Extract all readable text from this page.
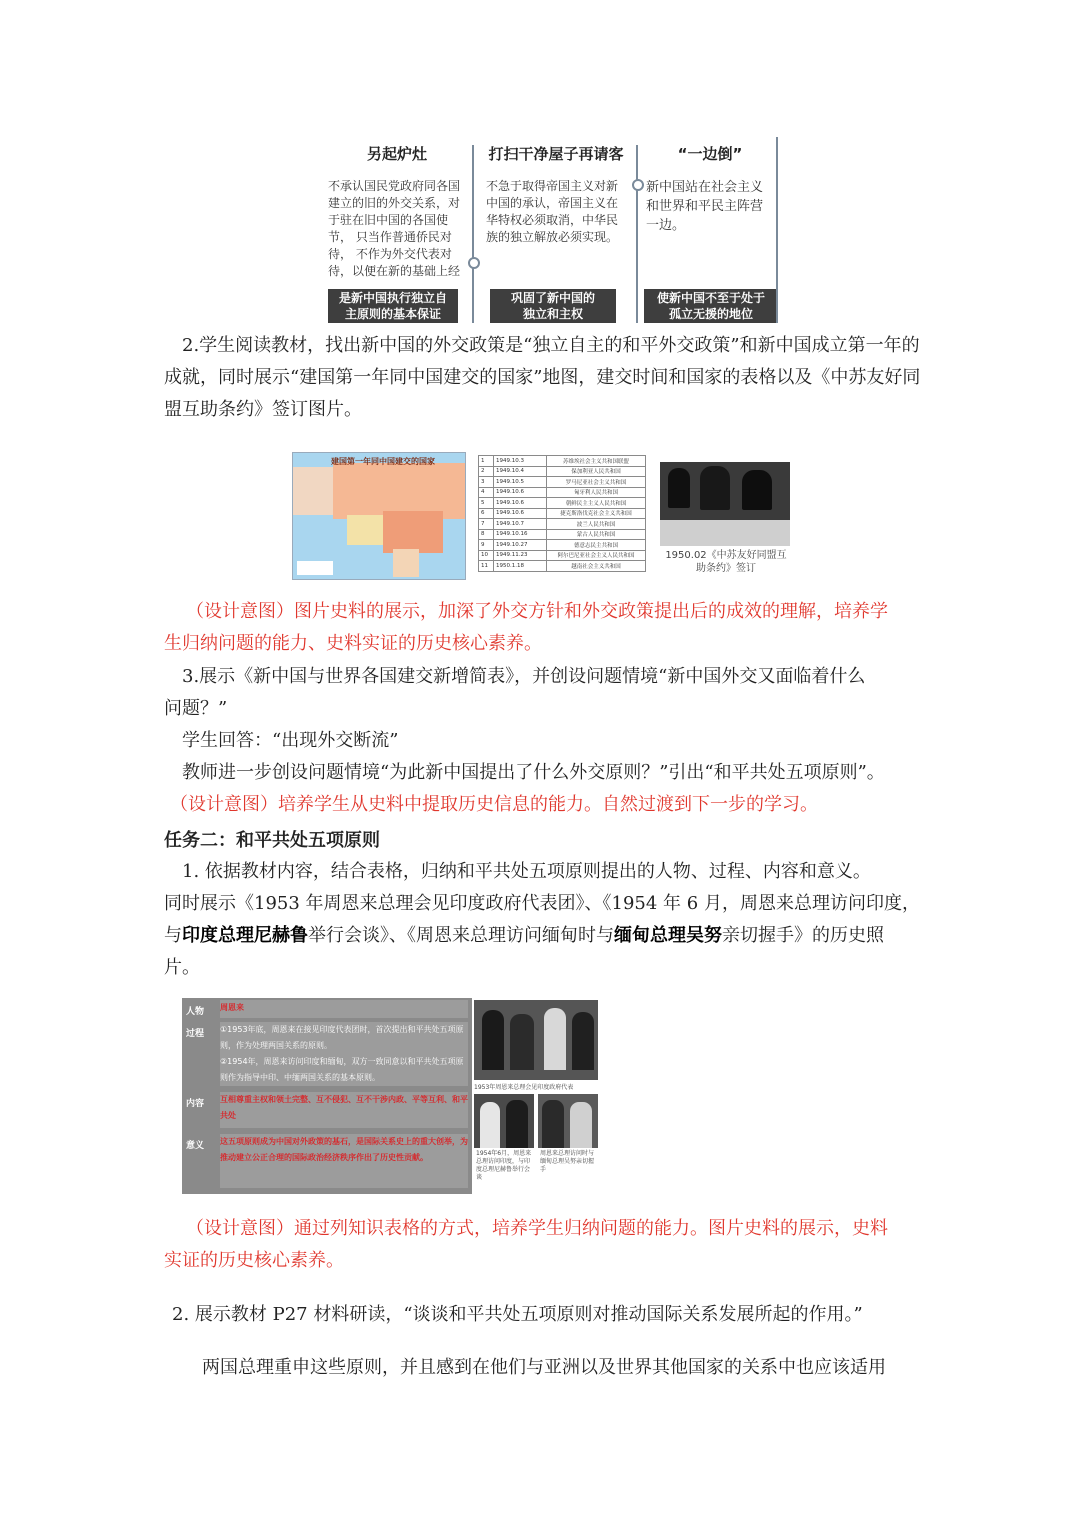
另起炉灶
不承认国民党政府同各国建立的旧的外交关系，对于驻在旧中国的各国使节， 只当作普通侨民对待， 不作为外交代表对待，以便在新的基础上经
是新中国执行独立自
主原则的基本保证
打扫干净屋子再请客
不急于取得帝国主义对新中国的承认，帝国主义在华特权必须取消，中华民族的独立解放必须实现。
巩固了新中国的
独立和主权
“一边倒”
新中国站在社会主义和世界和平民主阵营一边。
使新中国不至于处于
孤立无援的地位
2.学生阅读教材，找出新中国的外交政策是“独立自主的和平外交政策”和新中国成立第一年的成就，同时展示“建国第一年同中国建交的国家”地图，建交时间和国家的表格以及《中苏友好同盟互助条约》签订图片。
建国第一年同中国建交的国家	1	1949.10.3	苏维埃社会主义共和国联盟
2	1949.10.4	保加利亚人民共和国
3	1949.10.5	罗马尼亚社会主义共和国
4	1949.10.6	匈牙利人民共和国
5	1949.10.6	朝鲜民主主义人民共和国
6	1949.10.6	捷克斯洛伐克社会主义共和国
7	1949.10.7	波兰人民共和国
8	1949.10.16	蒙古人民共和国
9	1949.10.27	德意志民主共和国
10	1949.11.23	阿尔巴尼亚社会主义人民共和国
11	1950.1.18	越南社会主义共和国
1950.02《中苏友好同盟互
助条约》签订
（设计意图）图片史料的展示，加深了外交方针和外交政策提出后的成效的理解，培养学
生归纳问题的能力、史料实证的历史核心素养。
3.展示《新中国与世界各国建交新增简表》，并创设问题情境“新中国外交又面临着什么
问题？”
学生回答：“出现外交断流”
教师进一步创设问题情境“为此新中国提出了什么外交原则？”引出“和平共处五项原则”。
（设计意图）培养学生从史料中提取历史信息的能力。自然过渡到下一步的学习。
任务二：和平共处五项原则
1. 依据教材内容，结合表格，归纳和平共处五项原则提出的人物、过程、内容和意义。
同时展示《1953 年周恩来总理会见印度政府代表团》、《1954 年 6 月，周恩来总理访问印度，
与印度总理尼赫鲁举行会谈》、《周恩来总理访问缅甸时与缅甸总理吴努亲切握手》的历史照
片。
人物 周恩来
过程 ①1953年底，周恩来在接见印度代表团时，首次提出和平共处五项原则，作为处理两国关系的原则。
②1954年，周恩来访问印度和缅甸，双方一致同意以和平共处五项原则作为指导中印、中缅两国关系的基本原则。
内容 互相尊重主权和领土完整、互不侵犯、互不干涉内政、平等互利、和平共处
意义 这五项原则成为中国对外政策的基石，是国际关系史上的重大创举，为推动建立公正合理的国际政治经济秩序作出了历史性贡献。
1953年周恩来总理会见印度政府代表
1954年6月，周恩来总理访问印度，与印度总理尼赫鲁举行会谈
周恩来总理访问时与缅甸总理吴努亲切握手
（设计意图）通过列知识表格的方式，培养学生归纳问题的能力。图片史料的展示，史料
实证的历史核心素养。
2. 展示教材 P27 材料研读，“谈谈和平共处五项原则对推动国际关系发展所起的作用。”
两国总理重申这些原则，并且感到在他们与亚洲以及世界其他国家的关系中也应该适用
